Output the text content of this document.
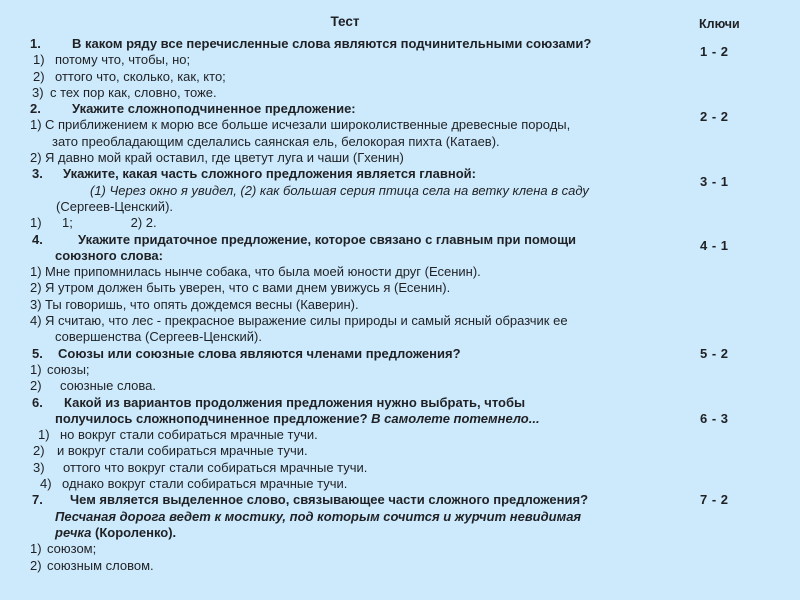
Тест	Ключи
1 - 2
2 - 2
3 - 1
4 - 1
5 - 2
6 - 3
7 - 2
1.	В каком ряду все перечисленные слова являются подчинительными союзами?
1) потому что, чтобы, но;
2) оттого что, сколько, как, кто;
3) с тех пор как, словно, тоже.
2.	Укажите сложноподчиненное предложение:
1) С приближением к морю все больше исчезали широколиственные древесные породы,
зато преобладающим сделались саянская ель, белокорая пихта (Катаев).
2) Я давно мой край оставил, где цветут луга и чаши (Гхенин)
3.	Укажите, какая часть сложного предложения является главной:
(1) Через окно я увидел, (2) как большая серия птица села на ветку клена в саду
(Сергеев-Ценский).
1)	1;                2) 2.
4.	Укажите придаточное предложение, которое связано с главным при помощи
союзного слова:
1) Мне припомнилась нынче собака, что была моей юности друг (Есенин).
2) Я утром должен быть уверен, что с вами днем увижусь я (Есенин).
3) Ты говоришь, что опять дождемся весны (Каверин).
4) Я считаю, что лес - прекрасное выражение силы природы и самый ясный образчик ее
совершенства (Сергеев-Ценский).
5.	Союзы или союзные слова являются членами предложения?
1) союзы;
2)	союзные слова.
6.	Какой из вариантов продолжения предложения нужно выбрать, чтобы
получилось сложноподчиненное предложение? В самолете потемнело...
1) но вокруг стали собираться мрачные тучи.
2) и вокруг стали собираться мрачные тучи.
3)	оттого что вокруг стали собираться мрачные тучи.
4) однако вокруг стали собираться мрачные тучи.
7.	Чем является выделенное слово, связывающее части сложного предложения?
Песчаная дорога ведет к мостику, под которым сочится и журчит невидимая
речка (Короленко).
1) союзом;
2) союзным словом.
